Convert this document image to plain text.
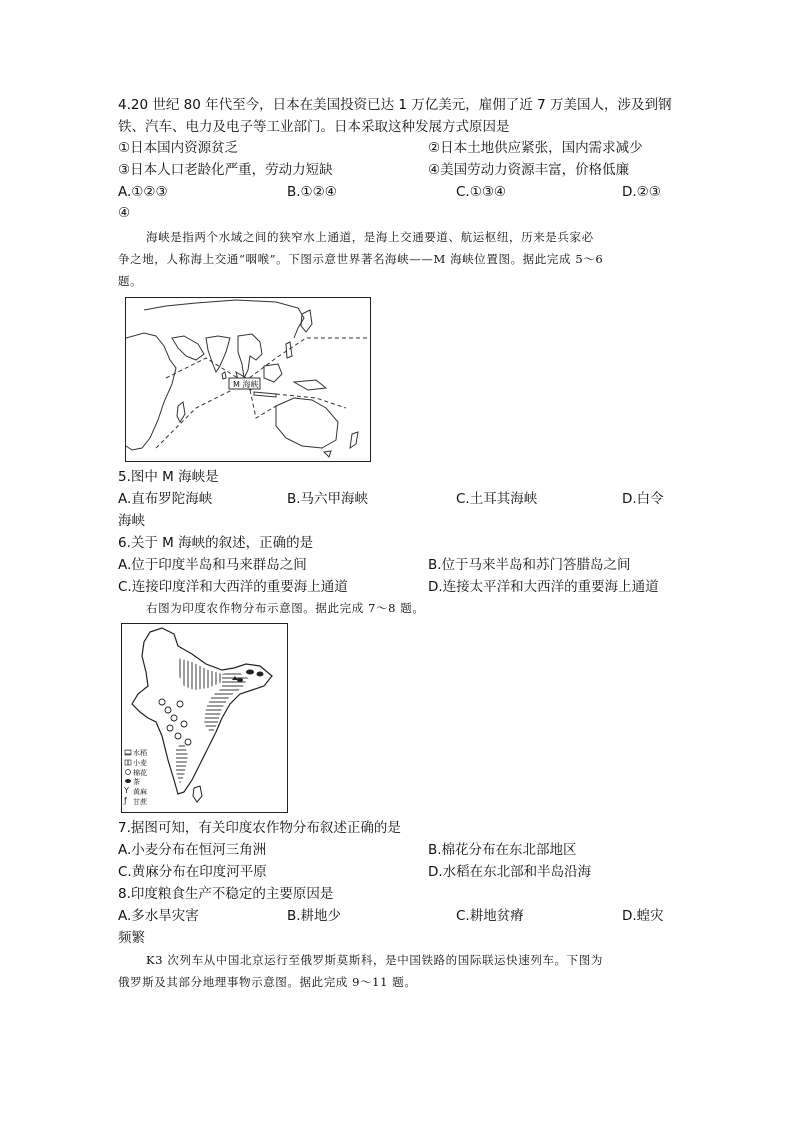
4.20 世纪 80 年代至今，日本在美国投资已达 1 万亿美元，雇佣了近 7 万美国人，涉及到钢
铁、汽车、电力及电子等工业部门。日本采取这种发展方式原因是
①日本国内资源贫乏	②日本土地供应紧张，国内需求减少
③日本人口老龄化严重，劳动力短缺	④美国劳动力资源丰富，价格低廉
A.①②③	B.①②④	C.①③④	D.②③
④
海峡是指两个水域之间的狭窄水上通道，是海上交通要道、航运枢纽，历来是兵家必
争之地，人称海上交通“咽喉”。下图示意世界著名海峡——M 海峡位置图。据此完成 5～6
题。
M 海峡
5.图中 M 海峡是
A.直布罗陀海峡	B.马六甲海峡	C.土耳其海峡	D.白令
海峡
6.关于 M 海峡的叙述，正确的是
A.位于印度半岛和马来群岛之间	B.位于马来半岛和苏门答腊岛之间
C.连接印度洋和大西洋的重要海上通道	D.连接太平洋和大西洋的重要海上通道
右图为印度农作物分布示意图。据此完成 7～8 题。
Y
ƒ
水稻
小麦
棉花
茶
黄麻
甘蔗
7.据图可知，有关印度农作物分布叙述正确的是
A.小麦分布在恒河三角洲	B.棉花分布在东北部地区
C.黄麻分布在印度河平原	D.水稻在东北部和半岛沿海
8.印度粮食生产不稳定的主要原因是
A.多水旱灾害	B.耕地少	C.耕地贫瘠	D.蝗灾
频繁
K3 次列车从中国北京运行至俄罗斯莫斯科，是中国铁路的国际联运快速列车。下图为
俄罗斯及其部分地理事物示意图。据此完成 9～11 题。
